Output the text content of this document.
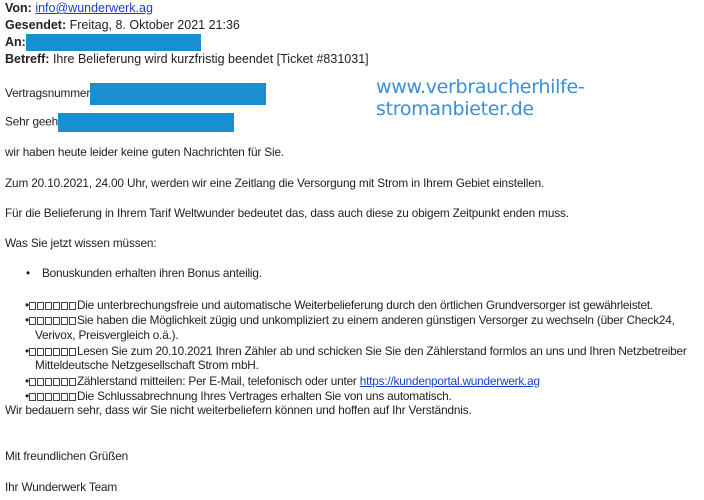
Von: info@wunderwerk.ag
Gesendet: Freitag, 8. Oktober 2021 21:36
An:
Betreff: Ihre Belieferung wird kurzfristig beendet [Ticket #831031]
www.verbraucherhilfe-stromanbieter.de
Vertragsnummer
Sehr geeh
wir haben heute leider keine guten Nachrichten für Sie.
Zum 20.10.2021, 24.00 Uhr, werden wir eine Zeitlang die Versorgung mit Strom in Ihrem Gebiet einstellen.
Für die Belieferung in Ihrem Tarif Weltwunder bedeutet das, dass auch diese zu obigem Zeitpunkt enden muss.
Was Sie jetzt wissen müssen:
• Bonuskunden erhalten ihren Bonus anteilig.
•	Die unterbrechungsfreie und automatische Weiterbelieferung durch den örtlichen Grundversorger ist gewährleistet.
•	Sie haben die Möglichkeit zügig und unkompliziert zu einem anderen günstigen Versorger zu wechseln (über Check24,
Verivox, Preisvergleich o.ä.).
•	Lesen Sie zum 20.10.2021 Ihren Zähler ab und schicken Sie Sie den Zählerstand formlos an uns und Ihren Netzbetreiber
Mitteldeutsche Netzgesellschaft Strom mbH.
•	Zählerstand mitteilen: Per E-Mail, telefonisch oder unter https://kundenportal.wunderwerk.ag
•	Die Schlussabrechnung Ihres Vertrages erhalten Sie von uns automatisch.
Wir bedauern sehr, dass wir Sie nicht weiterbeliefern können und hoffen auf Ihr Verständnis.
Mit freundlichen Grüßen
Ihr Wunderwerk Team
